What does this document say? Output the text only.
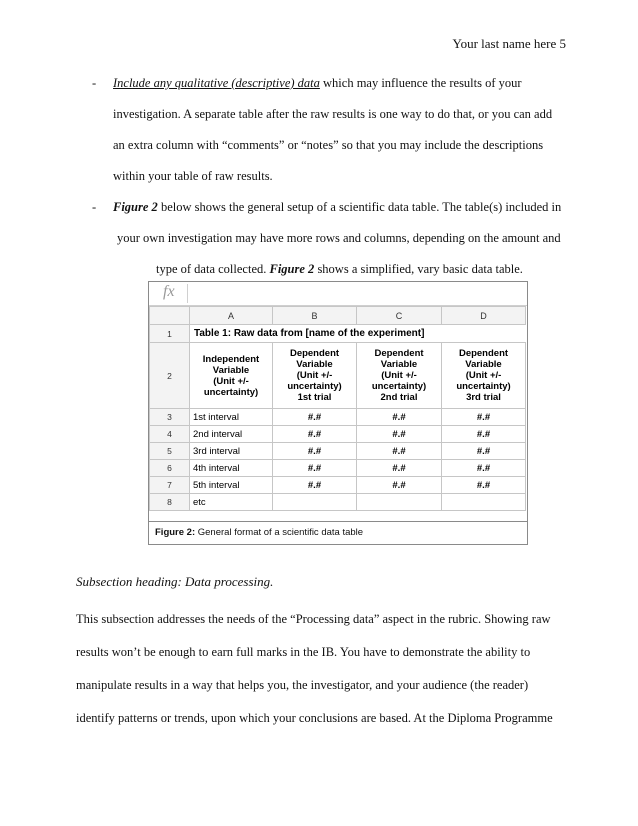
Your last name here 5
- Include any qualitative (descriptive) data which may influence the results of your
investigation. A separate table after the raw results is one way to do that, or you can add
an extra column with “comments” or “notes” so that you may include the descriptions
within your table of raw results.
- Figure 2 below shows the general setup of a scientific data table. The table(s) included in
your own investigation may have more rows and columns, depending on the amount and
type of data collected. Figure 2 shows a simplified, vary basic data table.
fx
	A	B	C	D
1	Table 1: Raw data from [name of the experiment]			
2	Independent
Variable
(Unit +/-
uncertainty)	Dependent
Variable
(Unit +/-
uncertainty)
1st trial	Dependent
Variable
(Unit +/-
uncertainty)
2nd trial	Dependent
Variable
(Unit +/-
uncertainty)
3rd trial

3	1st interval	#.#	#.#	#.#
4	2nd interval	#.#	#.#	#.#
5	3rd interval	#.#	#.#	#.#
6	4th interval	#.#	#.#	#.#
7	5th interval	#.#	#.#	#.#
8	etc			
Figure 2: General format of a scientific data table
Subsection heading: Data processing.
This subsection addresses the needs of the “Processing data” aspect in the rubric. Showing raw
results won’t be enough to earn full marks in the IB. You have to demonstrate the ability to
manipulate results in a way that helps you, the investigator, and your audience (the reader)
identify patterns or trends, upon which your conclusions are based. At the Diploma Programme
